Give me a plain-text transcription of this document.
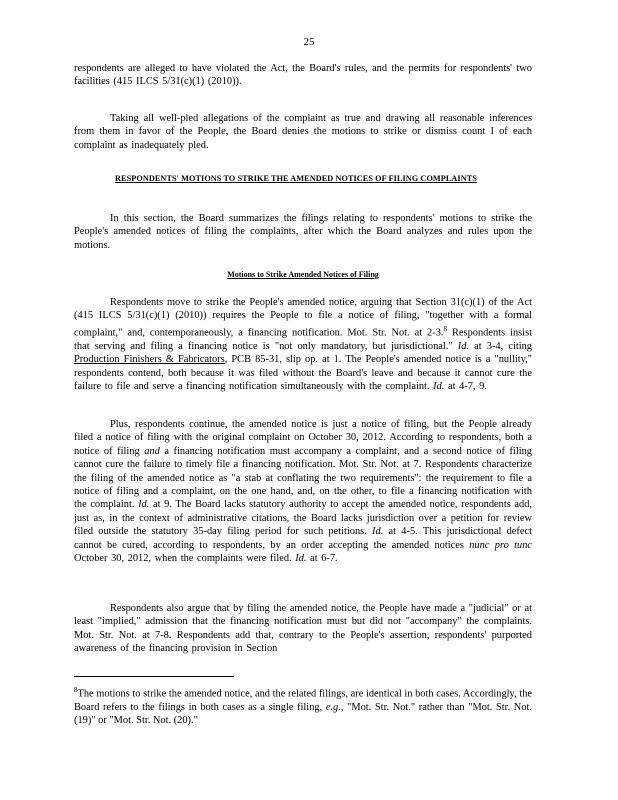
25

respondents are alleged to have violated the Act, the Board's rules, and the permits for respondents' two facilities (415 ILCS 5/31(c)(1) (2010)).

Taking all well-pled allegations of the complaint as true and drawing all reasonable inferences from them in favor of the People, the Board denies the motions to strike or dismiss count I of each complaint as inadequately pled.

RESPONDENTS' MOTIONS TO STRIKE THE AMENDED NOTICES OF FILING COMPLAINTS

In this section, the Board summarizes the filings relating to respondents' motions to strike the People's amended notices of filing the complaints, after which the Board analyzes and rules upon the motions.

Motions to Strike Amended Notices of Filing

Respondents move to strike the People's amended notice, arguing that Section 31(c)(1) of the Act (415 ILCS 5/31(c)(1) (2010)) requires the People to file a notice of filing, "together with a formal complaint," and, contemporaneously, a financing notification. Mot. Str. Not. at 2-3.$^8$ Respondents insist that serving and filing a financing notice is "not only mandatory, but jurisdictional." Id. at 3-4, citing Production Finishers & Fabricators, PCB 85-31, slip op. at 1. The People's amended notice is a "nullity," respondents contend, both because it was filed without the Board's leave and because it cannot cure the failure to file and serve a financing notification simultaneously with the complaint. Id. at 4-7, 9.

Plus, respondents continue, the amended notice is just a notice of filing, but the People already filed a notice of filing with the original complaint on October 30, 2012. According to respondents, both a notice of filing and a financing notification must accompany a complaint, and a second notice of filing cannot cure the failure to timely file a financing notification. Mot. Str. Not. at 7. Respondents characterize the filing of the amended notice as "a stab at conflating the two requirements": the requirement to file a notice of filing and a complaint, on the one hand, and, on the other, to file a financing notification with the complaint. Id. at 9. The Board lacks statutory authority to accept the amended notice, respondents add, just as, in the context of administrative citations, the Board lacks jurisdiction over a petition for review filed outside the statutory 35-day filing period for such petitions. Id. at 4-5. This jurisdictional defect cannot be cured, according to respondents, by an order accepting the amended notices nunc pro tunc October 30, 2012, when the complaints were filed. Id. at 6-7.

Respondents also argue that by filing the amended notice, the People have made a "judicial" or at least "implied," admission that the financing notification must but did not "accompany" the complaints. Mot. Str. Not. at 7-8. Respondents add that, contrary to the People's assertion, respondents' purported awareness of the financing provision in Section

$^8$The motions to strike the amended notice, and the related filings, are identical in both cases. Accordingly, the Board refers to the filings in both cases as a single filing, e.g., "Mot. Str. Not." rather than "Mot. Str. Not. (19)" or "Mot. Str. Not. (20)."
